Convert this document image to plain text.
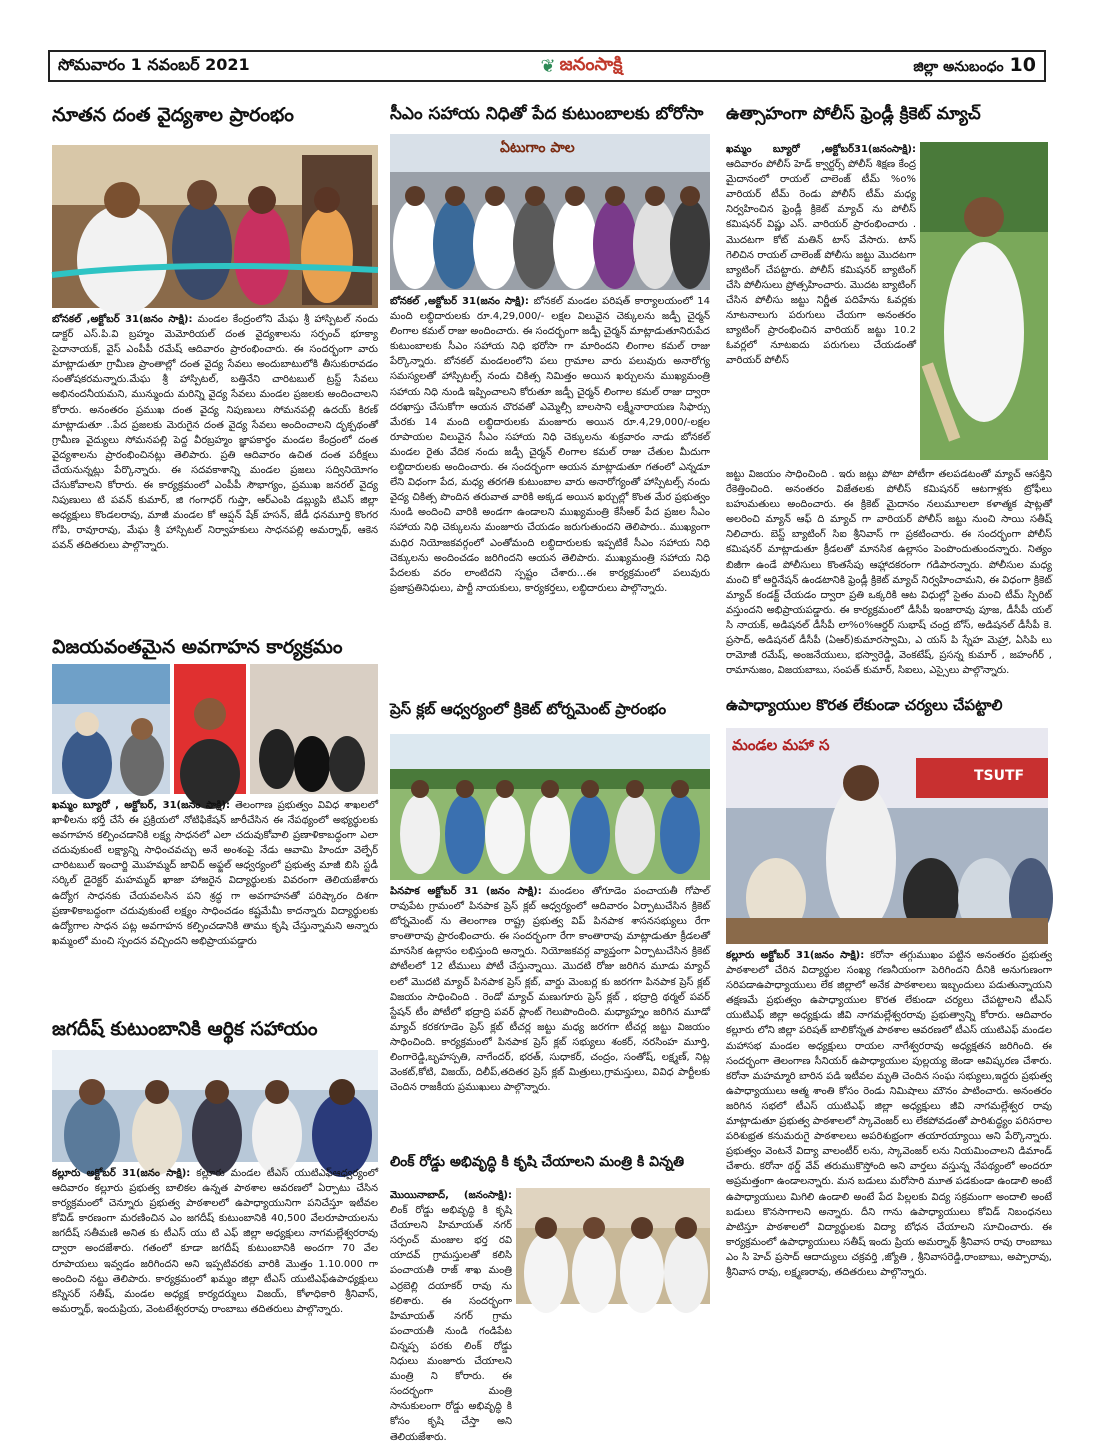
సోమవారం 1 నవంబర్ 2021	❦ జనంసాక్షి	జిల్లా అనుబంధం 10
నూతన దంత వైద్యశాల ప్రారంభం

బోనకల్ ,అక్టోబర్ 31(జనం సాక్షి): మండల కేంద్రంలోని మేఘ శ్రీ హాస్పిటల్ నందు డాక్టర్ ఎస్.పి.వి బ్రహ్మం మెమోరియల్ దంత వైద్యశాలను సర్పంచ్ భూక్యా సైదానాయక్, వైస్ ఎంపీపీ రమేష్ ఆదివారం ప్రారంభించారు. ఈ సందర్భంగా వారు మాట్లాడుతూ గ్రామీణ ప్రాంతాల్లో దంత వైద్య సేవలు అందుబాటులోకి తీసుకురావడం సంతోషకరమన్నారు.మేఘ శ్రీ హాస్పిటల్, బత్తినేని చారిటబుల్ ట్రస్ట్ సేవలు అభినందనీయమని, మున్ముందు మరిన్ని వైద్య సేవలు మండల ప్రజలకు అందించాలని కోరారు. అనంతరం ప్రముఖ దంత వైద్య నిపుణులు సోమనపల్లి ఉదయ్ కిరణ్ మాట్లాడుతూ ..పేద ప్రజలకు మెరుగైన దంత వైద్య సేవలు అందించాలని దృక్పథంతో గ్రామీణ వైద్యులు సోమనపల్లి పెద్ద వీరబ్రహ్మం జ్ఞాపకార్థం మండల కేంద్రంలో దంత వైద్యశాలను ప్రారంభించినట్లు తెలిపారు. ప్రతి ఆదివారం ఉచిత దంత పరీక్షలు చేయనున్నట్లు పేర్కొన్నారు. ఈ సదవకాశాన్ని మండల ప్రజలు సద్వినియోగం చేసుకోవాలని కోరారు. ఈ కార్యక్రమంలో ఎంపీపీ సౌభాగ్యం, ప్రముఖ జనరల్ వైద్య నిపుణులు టి పవన్ కుమార్, జి గంగాధర్ గుప్తా, ఆర్ఎంపి డబ్ల్యుపి టిఎస్ జిల్లా అధ్యక్షులు కొండలరావు, మాజీ మండల కో ఆప్షన్ షేక్ హసన్, జేడీ ధనమూర్తి కొంగర గోపి, రావూరావు, మేఘ శ్రీ హాస్పిటల్ నిర్వాహకులు సాధనపల్లి అమర్నాథ్, ఆకెన పవన్ తదితరులు పాల్గొన్నారు.

విజయవంతమైన అవగాహన కార్యక్రమం

ఖమ్మం బ్యూరో , అక్టోబర్, 31(జనం సాక్షి): తెలంగాణ ప్రభుత్వం వివిధ శాఖలలో ఖాళీలను భర్తీ చేసే ఈ ప్రక్రియలో నోటిఫికేషన్ జారీచేసిన ఈ నేపథ్యంలో అభ్యర్థులకు అవగాహన కల్పించడానికి లక్ష్య సాధనలో ఎలా చదువుకోవాలి ప్రణాళికాబద్ధంగా ఎలా చదువుకుంటే లక్ష్యాన్ని సాధించవచ్చు అనే అంశంపై నేడు ఆవామి హిందూ వెల్ఫేర్ చారిటబుల్ ఇంచార్జి మొహమ్మద్ జావిద్ అఫ్జల్ ఆధ్వర్యంలో ప్రభుత్వ మాజీ బిసి స్టడీ సర్కిల్ డైరెక్టర్ మహమ్మద్ ఖాజా హాజరైన విద్యార్థులకు వివరంగా తెలియజేశారు ఉద్యోగ సాధనకు చేయవలసిన పని శ్రద్ధ గా అవగాహనతో పరిష్కారం దిశగా ప్రణాళికాబద్ధంగా చదువుకుంటే లక్ష్యం సాధించడం కష్టమేమీ కాదన్నారు విద్యార్థులకు ఉద్యోగాల సాధన పట్ల అవగాహన కల్పించడానికి తాము కృషి చేస్తున్నామని అన్నారు ఖమ్మంలో మంచి స్పందన వచ్చిందని అభిప్రాయపడ్డారు

జగదీష్ కుటుంబానికి ఆర్థిక సహాయం

కల్లూరు అక్టోబర్ 31(జనం సాక్షి): కల్లూరు మండల టీఎస్ యుటిఎఫ్ఆధ్వర్యంలో ఆదివారం కల్లూరు ప్రభుత్వ బాలికల ఉన్నత పాఠశాల ఆవరణలో ఏర్పాటు చేసిన కార్యక్రమంలో చెన్నూరు ప్రభుత్వ పాఠశాలలో ఉపాధ్యాయునిగా పనిచేస్తూ ఇటీవల కోవిడ్ కారణంగా మరణించిన ఎం జగదీష్ కుటుంబానికి 40,500 వేలరూపాయలను జగదీష్ సతీమణి అనిత కు టీఎస్ యు టి ఎఫ్ జిల్లా అధ్యక్షులు నాగమల్లేశ్వరరావు ద్వారా అందజేశారు. గతంలో కూడా జగదీష్ కుటుంబానికి అందగా 70 వేల రూపాయలు ఇవ్వడం జరిగిందని అని ఇప్పటివరకు వారికి మొత్తం 1.10.000 గా అందించి నట్టు తెలిపారు. కార్యక్రమంలో ఖమ్మం జిల్లా టీఎస్ యుటిఎఫ్ఉపాధ్యక్షులు కస్నిసర్ సతీష్, మండల అధ్యక్ష కార్యదర్శులు విజయ్, కోళాధికారి శ్రీనివాస్, అమర్నాథ్, ఇందుప్రియ, వెంటటేశ్వరరావు రాంబాబు తదితరులు పాల్గొన్నారు.

సీఎం సహాయ నిధితో పేద కుటుంబాలకు బోరోసా
ఏటుగాం పాల

బోనకల్ ,అక్టోబర్ 31(జనం సాక్షి): బోనకల్ మండల పరిషత్ కార్యాలయంలో 14 మంది లబ్ధిదారులకు రూ.4,29,000/- లక్షల విలువైన చెక్కులను జడ్పీ చైర్మన్ లింగాల కమల్ రాజు అందించారు. ఈ సందర్భంగా జడ్పీ చైర్మన్ మాట్లాడుతూనిరుపేద కుటుంబాలకు సీఎం సహాయ నిధి భరోసా గా మారిందని లింగాల కమల్ రాజు పేర్కొన్నారు. బోనకల్ మండలంలోని పలు గ్రామాల వారు పలువురు అనారోగ్య సమస్యలతో హాస్పిటల్స్ నందు చికిత్స నిమిత్తం అయిన ఖర్చులను ముఖ్యమంత్రి సహాయ నిధి నుండి ఇప్పించాలని కోరుతూ జడ్పీ చైర్మన్ లింగాల కమల్ రాజు ద్వారా దరఖాస్తు చేసుకోగా ఆయన చొరవతో ఎమ్మెల్సీ బాలసాని లక్ష్మీనారాయణ సిఫార్సు మేరకు 14 మంది లబ్ధిదారులకు మంజూరు అయిన రూ.4,29,000/-లక్షల రూపాయల విలువైన సీఎం సహాయ నిధి చెక్కులను శుక్రవారం నాడు బోనకల్ మండల రైతు వేదిక నందు జడ్పీ చైర్మన్ లింగాల కమల్ రాజు చేతుల మీదుగా లబ్ధిదారులకు అందించారు. ఈ సందర్భంగా ఆయన మాట్లాడుతూ గతంలో ఎన్నడూ లేని విధంగా పేద, మధ్య తరగతి కుటుంబాల వారు అనారోగ్యంతో హాస్పిటల్స్ నందు వైద్య చికిత్స పొందిన తరువాత వారికి అక్కడ అయిన ఖర్చుల్లో కొంత మేర ప్రభుత్వం నుండి అందించి వారికి అండగా ఉండాలని ముఖ్యమంత్రి కేసీఆర్ పేద ప్రజల సీఎం సహాయ నిధి చెక్కులను మంజూరు చేయడం జరుగుతుందని తెలిపారు.. ముఖ్యంగా మధిర నియోజకవర్గంలో ఎంతోమంది లబ్ధిదారులకు ఇప్పటికే సీఎం సహాయ నిధి చెక్కులను అందించడం జరిగిందని ఆయన తెలిపారు. ముఖ్యమంత్రి సహాయ నిధి పేదలకు వరం లాంటిదని స్పష్టం చేశారు...ఈ కార్యక్రమంలో పలువురు ప్రజాప్రతినిధులు, పార్టీ నాయకులు, కార్యకర్తలు, లబ్ధిదారులు పాల్గొన్నారు.

ప్రెస్ క్లబ్ ఆధ్వర్యంలో క్రికెట్ టోర్నమెంట్ ప్రారంభం

పినపాక అక్టోబర్ 31 (జనం సాక్షి): మండలం తోగూడెం పంచాయతీ గోపాల్ రావుపేట గ్రామంలో పినపాక ప్రెస్ క్లబ్ ఆధ్వర్యంలో ఆదివారం ఏర్పాటుచేసిన క్రికెట్ టోర్నమెంట్ ను తెలంగాణ రాష్ట్ర ప్రభుత్వ విప్ పినపాక శాసనసభ్యులు రేగా కాంతారావు ప్రారంభించారు. ఈ సందర్భంగా రేగా కాంతారావు మాట్లాడుతూ క్రీడలతో మానసిక ఉల్లాసం లభిస్తుంది అన్నారు. నియోజకవర్గ వ్యాప్తంగా ఏర్పాటుచేసిన క్రికెట్ పోటీలలో 12 టీములు పోటీ చేస్తున్నాయి. మొదటి రోజు జరిగిన మూడు మ్యాచ్ లలో మొదటి మ్యాచ్ పినపాక ప్రెస్ క్లబ్, వార్డు మెంబర్ల కు జరగగా పినపాక ప్రెస్ క్లబ్ విజయం సాధించింది . రెండో మ్యాచ్ మణుగూరు ప్రెస్ క్లబ్ , భద్రాద్రి థర్మల్ పవర్ స్టేషన్ టీం పోటీలో భద్రాద్రి పవర్ ప్లాంట్ గెలుపొందింది. మధ్యాహ్నం జరిగిన మూడో మ్యాచ్ కరకగూడెం ప్రెస్ క్లబ్ టీచర్ల జట్టు మధ్య జరగగా టీచర్ల జట్టు విజయం సాధించింది. కార్యక్రమంలో పినపాక ప్రెస్ క్లబ్ సభ్యులు శంకర్, నరసింహ మూర్తి, లింగారెడ్డి,బృహస్పతి, నాగేందర్, భరత్, సుధాకర్, చంద్రం, సంతోష్, లక్ష్మణ్, నిట్ల వెంకట్,కోటి, విజయ్, దిలీప్,తదితర ప్రెస్ క్లబ్ మిత్రులు,గ్రామస్తులు, వివిధ పార్టీలకు చెందిన రాజకీయ ప్రముఖులు పాల్గొన్నారు.

లింక్ రోడ్డు అభివృద్ధి కి కృషి చేయాలని మంత్రి కి విన్నతి

మొయినాబాద్, (జనంసాక్షి): లింక్ రోడ్డు అభివృద్ధి కి కృషి చేయాలని హిమాయత్ నగర్ సర్పంచ్ మంజుల భర్త రవి యాదవ్ గ్రామస్తులతో కలిసి పంచాయతీ రాజ్ శాఖ మంత్రి ఎర్రబెల్లి దయాకర్ రావు ను కలిశారు. ఈ సందర్భంగా హిమాయత్ నగర్ గ్రామ పంచాయతీ నుండి గండిపేట చిన్నప్ప పరకు లింక్ రోడ్డు నిధులు మంజూరు చేయాలని మంత్రి ని కోరారు. ఈ సందర్భంగా మంత్రి సానుకులంగా రోడ్డు అభివృద్ధి కి కోసం కృషి చేస్తా అని తెలియజేశారు.

ఉత్సాహంగా పోలీస్ ఫ్రెండ్లీ క్రికెట్ మ్యాచ్

ఖమ్మం బ్యూరో ,అక్టోబర్31(జనంసాక్షి): ఆదివారం పోలీస్ హెడ్ క్వార్టర్స్ పోలీస్ శిక్షణ కేంద్ర మైదానంలో రాయల్ చాలెంజ్ టీమ్ %o% వారియర్ టీమ్ రెండు పోలీస్ టీమ్ మధ్య నిర్వహించిన ఫ్రెండ్లీ క్రికెట్ మ్యాచ్ ను పోలీస్ కమిషనర్ విష్ణు ఎస్. వారియర్ ప్రారంభించారు . మొదటగా కోట్ మతిన్ టాస్ వేసారు. టాస్ గెలిచిన రాయల్ చాలెంజ్ పోలీసు జట్టు మొదటగా బ్యాటింగ్ చేపట్టారు. పోలీస్ కమిషనర్ బ్యాటింగ్ చేసి పోలీసులు ప్రోత్సహించారు. మొదట బ్యాటింగ్ చేసిన పోలీసు జట్టు నిర్ణీత పదిహేను ఓవర్లకు నూటనాలుగు పరుగులు చేయగా అనంతరం బ్యాటింగ్ ప్రారంభించిన వారియర్ జట్టు 10.2 ఓవర్లలో నూటఐదు పరుగులు చేయడంతో వారియర్ పోలీస్

జట్టు విజయం సాధించింది . ఇరు జట్లు పోటా పోటీగా తలపడటంతో మ్యాచ్ ఆసక్తిని రేకెత్తించింది. అనంతరం విజేతలకు పోలీస్ కమిషనర్ ఆటగాళ్లకు ట్రోఫీలు బహుమతులు అందించారు. ఈ క్రికెట్ మైదానం నలుమూలలా కళాత్మక షాట్లతో అలరించి మ్యాన్ ఆఫ్ ది మ్యాచ్ గా వారియర్ పోలీస్ జట్టు నుంచి సాయి సతీష్ నిలిచారు. బెస్ట్ బ్యాటింగ్ సిఐ శ్రీనివాస్ గా ప్రకటించారు. ఈ సందర్భంగా పోలీస్ కమిషనర్ మాట్లాడుతూ క్రీడలతో మానసిక ఉల్లాసం పెంపొందుతుందన్నారు. నిత్యం బిజీగా ఉండే పోలీసులు కొంతసేపు ఆహ్లాదకరంగా గడిపారన్నారు. పోలీసుల మధ్య మంచి కో ఆర్డినేషన్ ఉండటానికి ఫ్రెండ్లీ క్రికెట్ మ్యాచ్ నిర్వహించామని, ఈ విధంగా క్రికెట్ మ్యాచ్ కండక్ట్ చేయడం ద్వారా ప్రతి ఒక్కరికి ఆట విధుల్లో సైతం మంచి టీమ్ స్పిరిట్ వస్తుందని అభిప్రాయపడ్డారు. ఈ కార్యక్రమంలో డీసీపీ ఇంజారావు పూజ, డీసీపీ యల్ సి నాయక్, అడిషనల్ డీసీపీ లా%o%ఆర్డర్ సుభాష్ చంద్ర బోస్, అడిషనల్ డీసీపీ కె. ప్రసాద్, అడిషనల్ డీసీపీ (ఏఆర్)కుమారస్వామి, ఎ యస్ పి స్నేహ మెహ్రా, ఏసిపి లు రామోజీ రమేష్, అంజనేయులు, భస్వారెడ్డి, వెంకటేష్, ప్రసన్న కుమార్ , జహంగీర్ , రామానుజం, విజయబాబు, సంపత్ కుమార్, సిఐలు, ఎస్సైలు పాల్గొన్నారు.

ఉపాధ్యాయుల కొరత లేకుండా చర్యలు చేపట్టాలి
మండల మహా స
TSUTF

కల్లూరు అక్టోబర్ 31(జనం సాక్షి): కరోనా తగ్గుముఖం పట్టిన అనంతరం ప్రభుత్వ పాఠశాలలో చేరిన విద్యార్థుల సంఖ్య గణనీయంగా పెరిగిందని దీనికి అనుగుణంగా సరిపడాఉపాధ్యాయులు లేక జిల్లాలో అనేక పాఠశాలలు ఇబ్బందులు పడుతున్నాయని తక్షణమే ప్రభుత్వం ఉపాధ్యాయుల కొరత లేకుండా చర్యలు చేపట్టాలని టీఎస్ యుటిఎఫ్ జిల్లా అధ్యక్షుడు జీవి నాగమల్లేశ్వరరావు ప్రభుత్వాన్ని కోరారు. ఆదివారం కల్లూరు లోని జిల్లా పరిషత్ బాలికోన్నత పాఠశాల ఆవరణలో టీఎస్ యుటిఎఫ్ మండల మహాసభ మండల అధ్యక్షులు రాయల నాగేశ్వరరావు అధ్యక్షతన జరిగింది. ఈ సందర్భంగా తెలంగాణ సీనియర్ ఉపాధ్యాయుల పుల్లయ్య జెండా ఆవిష్కరణ చేశారు. కరోనా మహమ్మారి బారిన పడి ఇటీవల మృతి చెందిన సంఘ సభ్యులు,ఇద్దరు ప్రభుత్వ ఉపాధ్యాయులు ఆత్మ శాంతి కోసం రెండు నిమిషాలు మౌనం పాటించారు. అనంతరం జరిగిన సభలో టీఎస్ యుటిఎఫ్ జిల్లా అధ్యక్షులు జీవి నాగమల్లేశ్వర రావు మాట్లాడుతూ ప్రభుత్వ పాఠశాలలో స్కావెంజర్ లు లేకపోవడంతో పారిశుద్ధ్యం పరిసరాల పరిశుభ్రత కనుమరుగై పాఠశాలలు అపరిశుభ్రంగా తయారయ్యాయి అని పేర్కొన్నారు. ప్రభుత్వం వెంటనే విద్యా వాలంటీర్ లను, స్కావెంజర్ లను నియమించాలని డిమాండ్ చేశారు. కరోనా థర్డ్ వేవ్ తరుముకొస్తోంది అని వార్తలు వస్తున్న నేపథ్యంలో అందరూ అప్రమత్తంగా ఉండాలన్నారు. మన బడులు మరోసారి మూత పడకుండా ఉండాలి అంటే ఉపాధ్యాయులు మిగిలి ఉండాలి అంటే పేద పిల్లలకు విద్య సక్రమంగా అందాలి అంటే బడులు కొనసాగాలని అన్నారు. దీని గాను ఉపాధ్యాయులు కోవిడ్ నిబంధనలు పాటిస్తూ పాఠశాలలో విద్యార్థులకు విద్యా బోధన చేయాలని సూచించారు. ఈ కార్యక్రమంలో ఉపాధ్యాయులు సతీష్ ఇందు ప్రియ అమర్నాథ్ శ్రీనివాస రావు రాంబాబు ఎం సి హెచ్ ప్రసాద్ ఆదాద్యులు చక్రవర్తి ,జ్యోతి , శ్రీనివాసరెడ్డి,రాంబాబు, అప్పారావు, శ్రీనివాస రావు, లక్ష్మణరావు, తదితరులు పాల్గొన్నారు.
